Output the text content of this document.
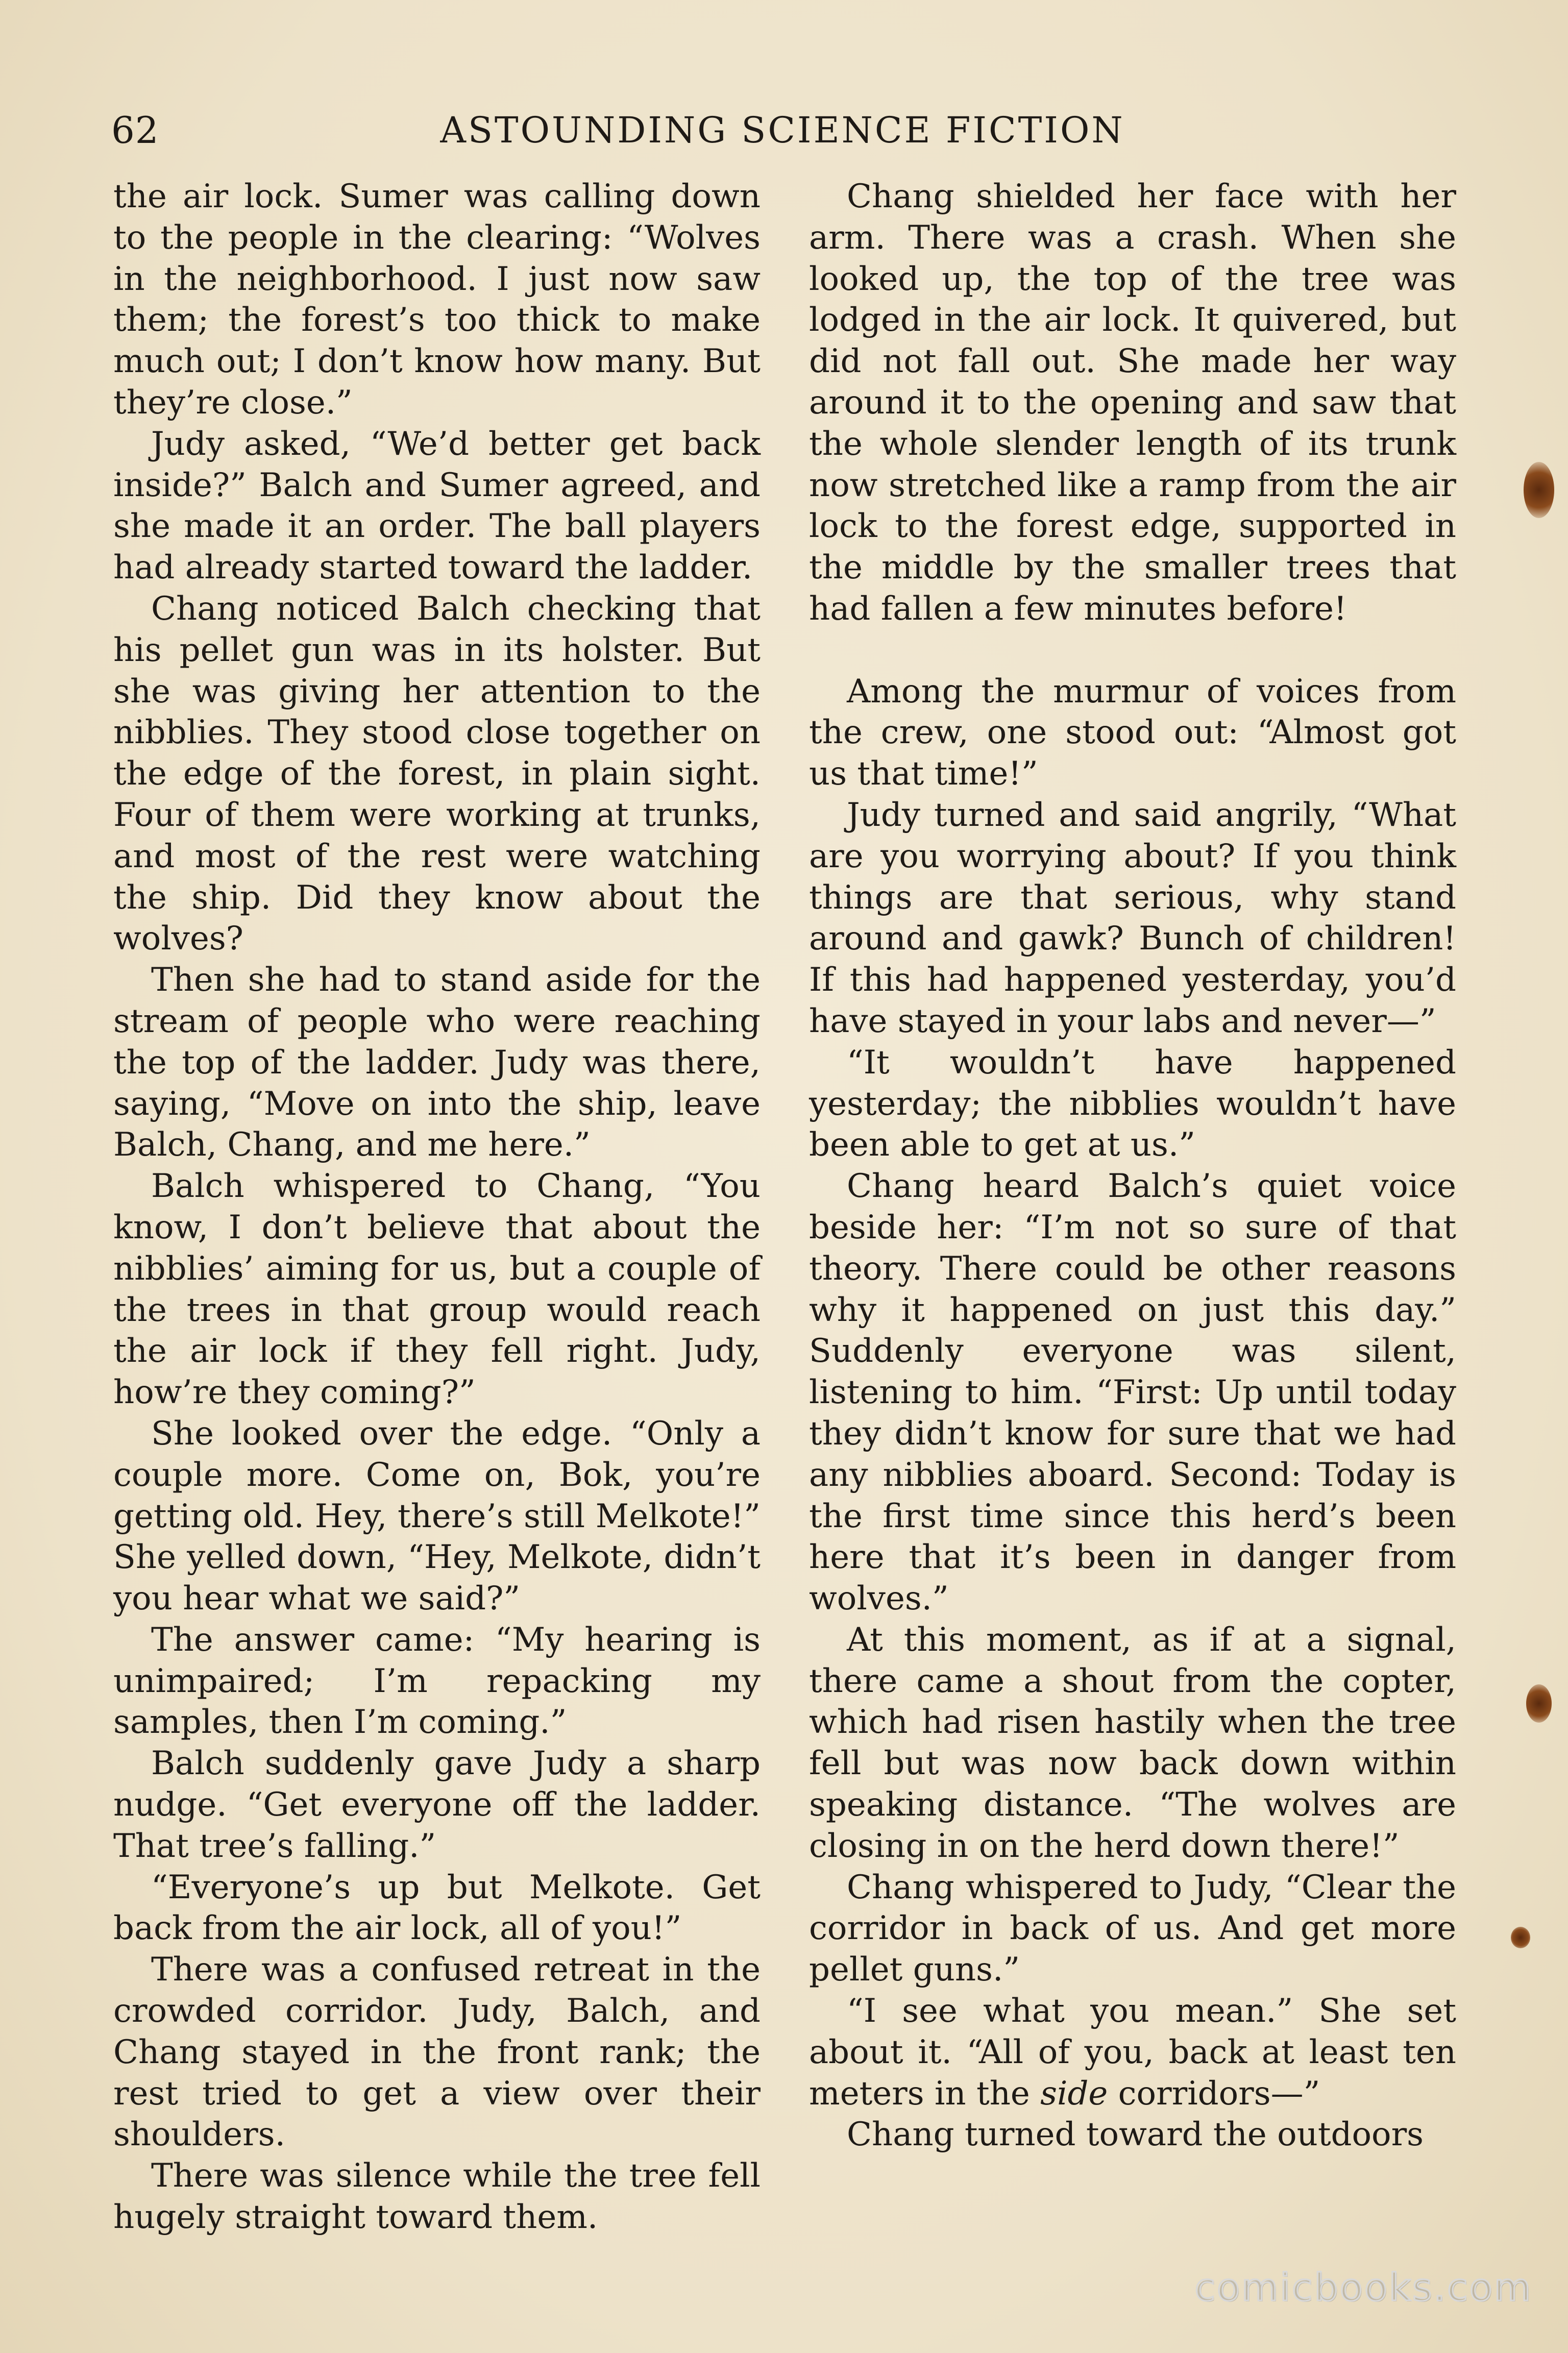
62	ASTOUNDING SCIENCE FICTION

the air lock. Sumer was calling down to the people in the clearing: “Wolves in the neighborhood. I just now saw them; the forest’s too thick to make much out; I don’t know how many. But they’re close.”

Judy asked, “We’d better get back inside?” Balch and Sumer agreed, and she made it an order. The ball players had already started toward the ladder.

Chang noticed Balch checking that his pellet gun was in its holster. But she was giving her attention to the nibblies. They stood close together on the edge of the forest, in plain sight. Four of them were working at trunks, and most of the rest were watching the ship. Did they know about the wolves?

Then she had to stand aside for the stream of people who were reaching the top of the ladder. Judy was there, saying, “Move on into the ship, leave Balch, Chang, and me here.”

Balch whispered to Chang, “You know, I don’t believe that about the nibblies’ aiming for us, but a couple of the trees in that group would reach the air lock if they fell right. Judy, how’re they coming?”

She looked over the edge. “Only a couple more. Come on, Bok, you’re getting old. Hey, there’s still Melkote!” She yelled down, “Hey, Melkote, didn’t you hear what we said?”

The answer came: “My hearing is unimpaired; I’m repacking my samples, then I’m coming.”

Balch suddenly gave Judy a sharp nudge. “Get everyone off the ladder. That tree’s falling.”

“Everyone’s up but Melkote. Get back from the air lock, all of you!”

There was a confused retreat in the crowded corridor. Judy, Balch, and Chang stayed in the front rank; the rest tried to get a view over their shoulders.

There was silence while the tree fell hugely straight toward them.

Chang shielded her face with her arm. There was a crash. When she looked up, the top of the tree was lodged in the air lock. It quivered, but did not fall out. She made her way around it to the opening and saw that the whole slender length of its trunk now stretched like a ramp from the air lock to the forest edge, supported in the middle by the smaller trees that had fallen a few minutes before!

Among the murmur of voices from the crew, one stood out: “Almost got us that time!”

Judy turned and said angrily, “What are you worrying about? If you think things are that serious, why stand around and gawk? Bunch of children! If this had happened yesterday, you’d have stayed in your labs and never—”

“It wouldn’t have happened yesterday; the nibblies wouldn’t have been able to get at us.”

Chang heard Balch’s quiet voice beside her: “I’m not so sure of that theory. There could be other reasons why it happened on just this day.” Suddenly everyone was silent, listening to him. “First: Up until today they didn’t know for sure that we had any nibblies aboard. Second: Today is the first time since this herd’s been here that it’s been in danger from wolves.”

At this moment, as if at a signal, there came a shout from the copter, which had risen hastily when the tree fell but was now back down within speaking distance. “The wolves are closing in on the herd down there!”

Chang whispered to Judy, “Clear the corridor in back of us. And get more pellet guns.”

“I see what you mean.” She set about it. “All of you, back at least ten meters in the side corridors—”

Chang turned toward the outdoors

comicbooks.com
